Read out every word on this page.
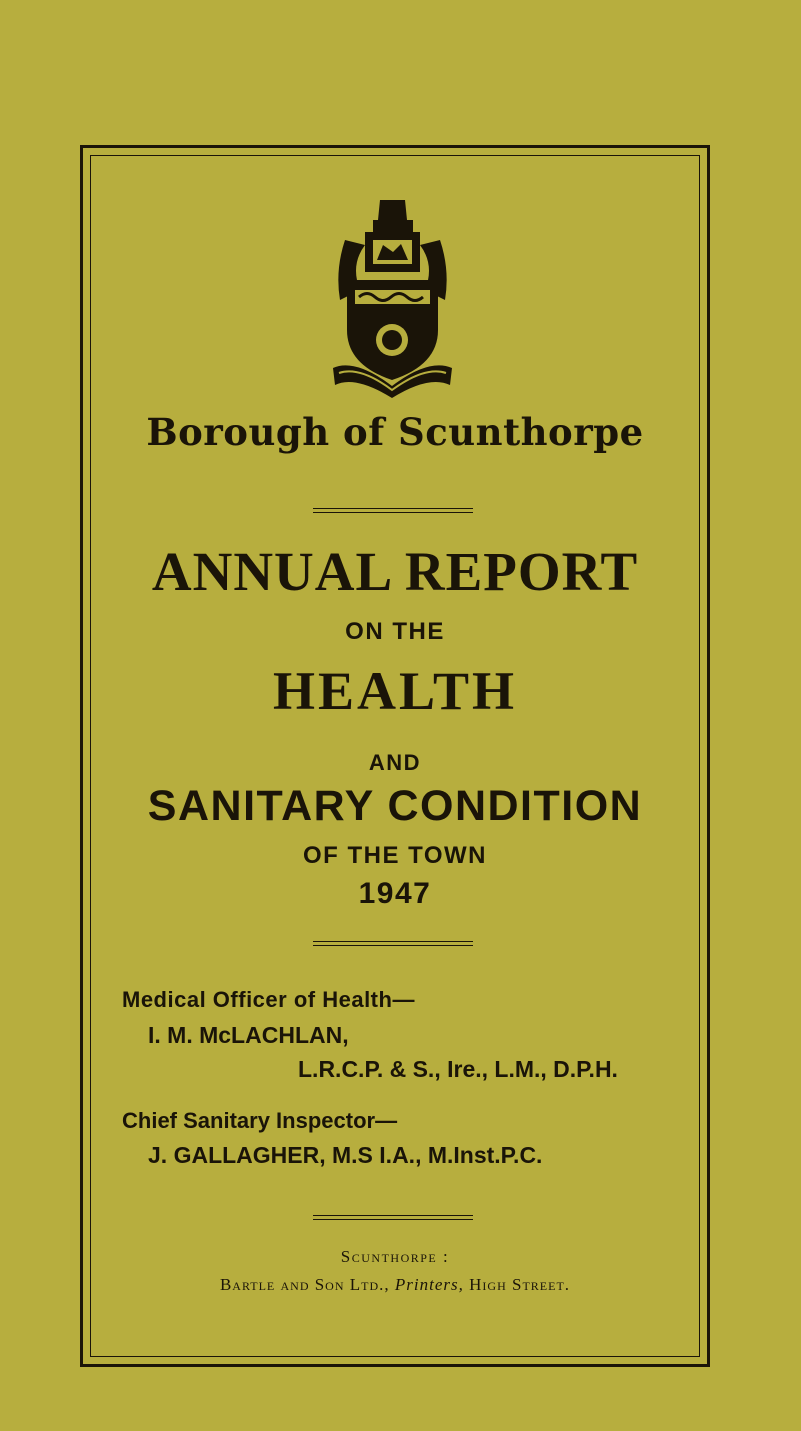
Borough of Scunthorpe
ANNUAL REPORT
ON THE
HEALTH
AND
SANITARY CONDITION
OF THE TOWN
1947
Medical Officer of Health—
I. M. McLACHLAN,
L.R.C.P. & S., Ire., L.M., D.P.H.
Chief Sanitary Inspector—
J. GALLAGHER, M.S I.A., M.Inst.P.C.
Scunthorpe :
Bartle and Son Ltd., Printers, High Street.
